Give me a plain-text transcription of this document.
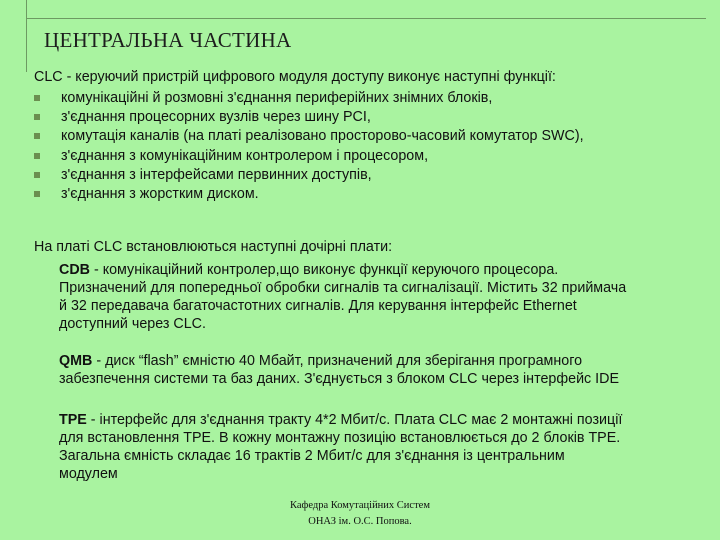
ЦЕНТРАЛЬНА ЧАСТИНА
CLC - керуючий пристрій цифрового модуля доступу виконує наступні функції:
комунікаційні й розмовні з'єднання периферійних знімних блоків,
з'єднання процесорних вузлів через шину PCI,
комутація каналів (на платі реалізовано просторово-часовий комутатор SWC),
з'єднання з комунікаційним контролером і процесором,
з'єднання з інтерфейсами первинних доступів,
з'єднання з жорстким диском.
На платі CLC встановлюються наступні дочірні плати:
CDB - комунікаційний контролер,що виконує функції керуючого процесора.
Призначений для попередньої обробки сигналів та сигналізації. Містить 32 приймача
й 32 передавача багаточастотних сигналів. Для керування інтерфейс Ethernet
доступний через CLC.
QMB - диск “flash” ємністю 40 Мбайт, призначений для зберігання програмного
забезпечення системи та баз даних. З'єднується з блоком CLC через інтерфейс IDE
TPE - інтерфейс для з'єднання тракту 4*2 Мбит/с. Плата CLC має 2 монтажні позиції
для встановлення TPE. В кожну монтажну позицію встановлюється до 2 блоків TPE.
Загальна ємність складає 16 трактів 2 Мбит/с для з'єднання із центральним
модулем
Кафедра Комутаційних Систем
ОНАЗ ім. О.С. Попова.
